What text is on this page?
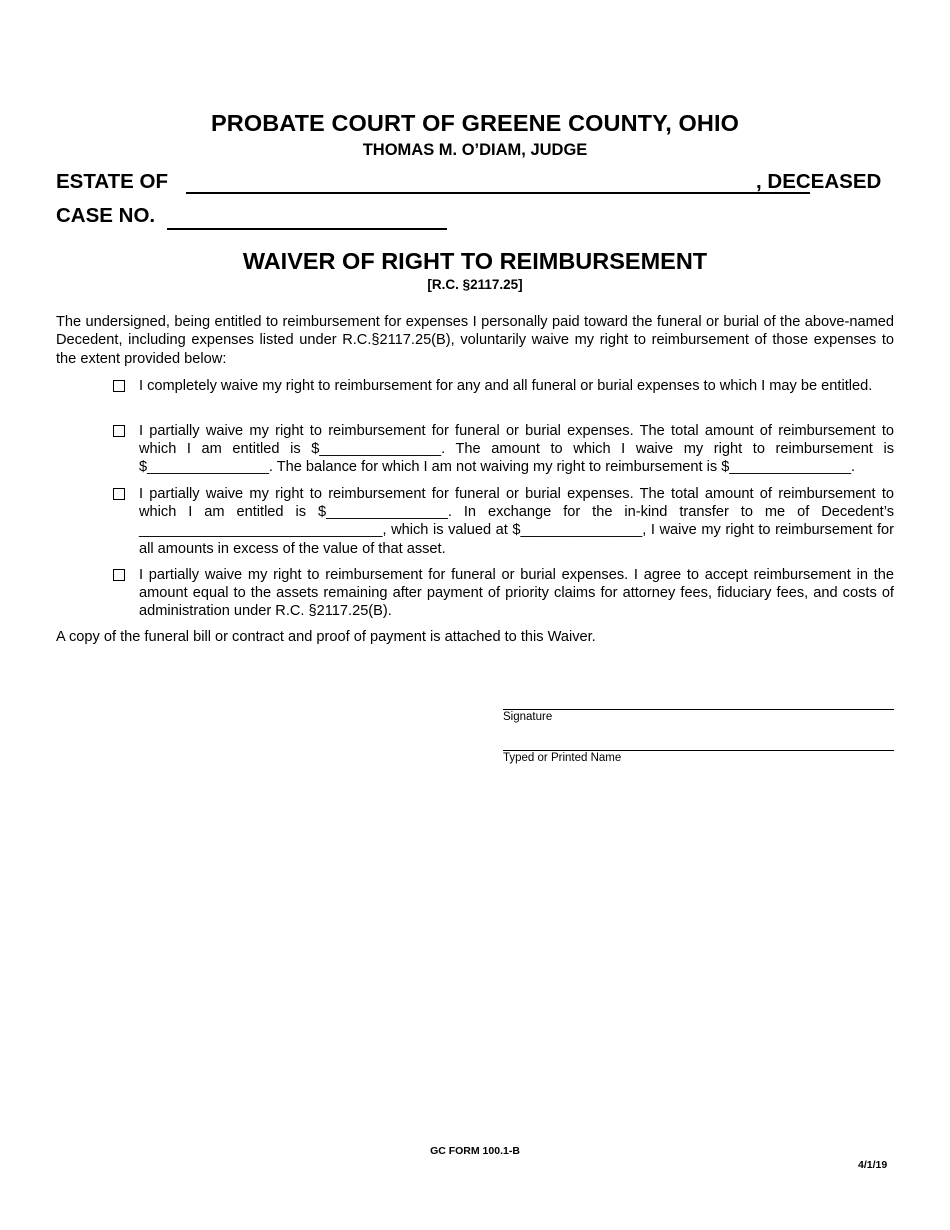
PROBATE COURT OF GREENE COUNTY, OHIO
THOMAS M. O’DIAM, JUDGE
ESTATE OF	, DECEASED
CASE NO.
WAIVER OF RIGHT TO REIMBURSEMENT
[R.C. §2117.25]
The undersigned, being entitled to reimbursement for expenses I personally paid toward the funeral or burial of the above-named Decedent, including expenses listed under R.C.§2117.25(B), voluntarily waive my right to reimbursement of those expenses to the extent provided below:
I completely waive my right to reimbursement for any and all funeral or burial expenses to which I may be entitled.
I partially waive my right to reimbursement for funeral or burial expenses. The total amount of reimbursement to which I am entitled is $_______________. The amount to which I waive my right to reimbursement is $_______________. The balance for which I am not waiving my right to reimbursement is $_______________.
I partially waive my right to reimbursement for funeral or burial expenses. The total amount of reimbursement to which I am entitled is $_______________. In exchange for the in-kind transfer to me of Decedent’s ______________________________, which is valued at $_______________, I waive my right to reimbursement for all amounts in excess of the value of that asset.
I partially waive my right to reimbursement for funeral or burial expenses. I agree to accept reimbursement in the amount equal to the assets remaining after payment of priority claims for attorney fees, fiduciary fees, and costs of administration under R.C. §2117.25(B).
A copy of the funeral bill or contract and proof of payment is attached to this Waiver.
Signature
Typed or Printed Name
GC FORM 100.1-B
4/1/19
